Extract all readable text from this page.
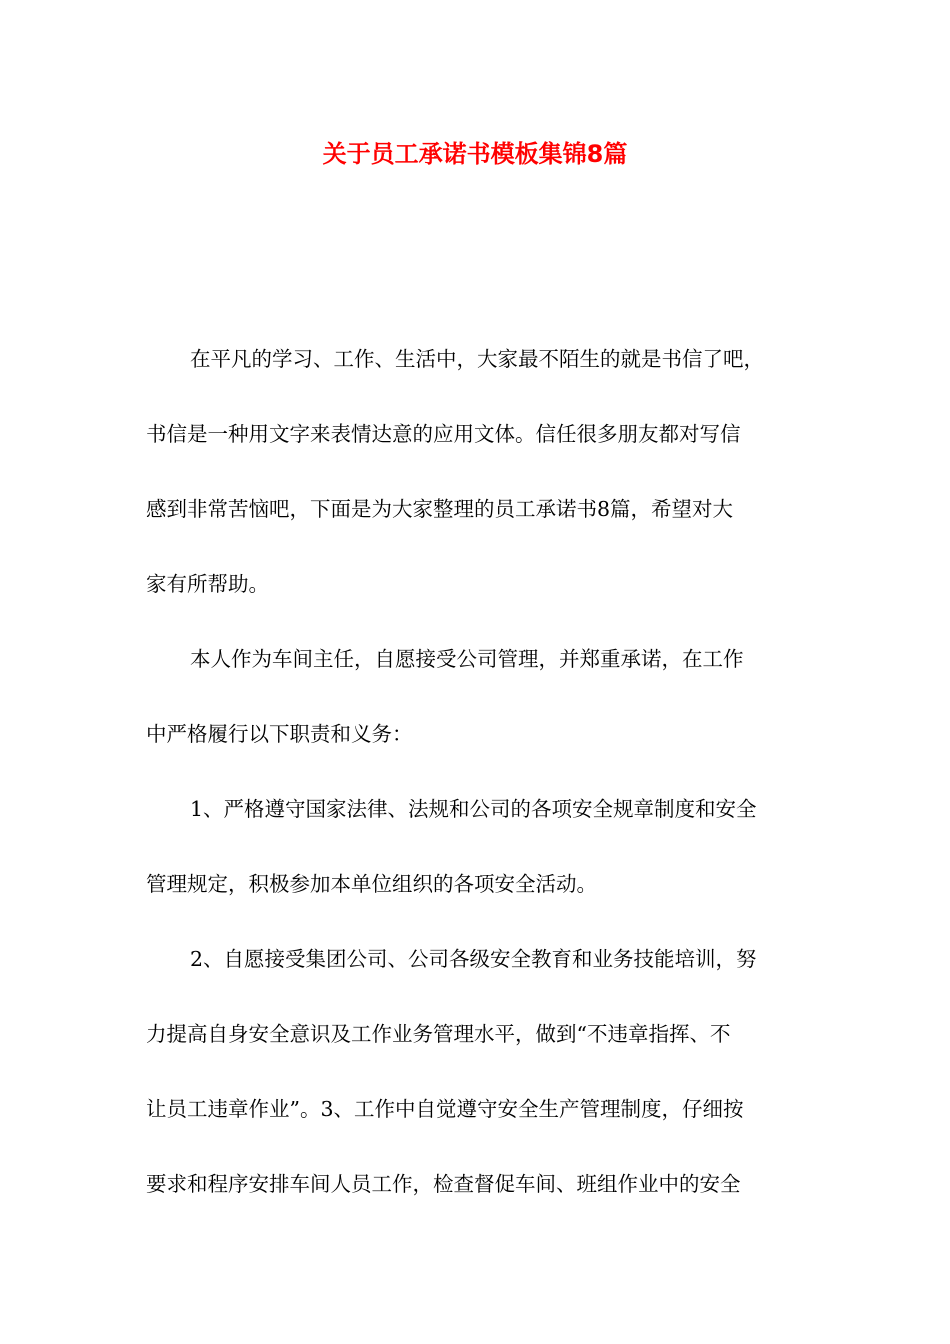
关于员工承诺书模板集锦8篇
在平凡的学习、工作、生活中，大家最不陌生的就是书信了吧，
书信是一种用文字来表情达意的应用文体。信任很多朋友都对写信
感到非常苦恼吧，下面是为大家整理的员工承诺书8篇，希望对大
家有所帮助。
本人作为车间主任，自愿接受公司管理，并郑重承诺，在工作
中严格履行以下职责和义务：
1、严格遵守国家法律、法规和公司的各项安全规章制度和安全
管理规定，积极参加本单位组织的各项安全活动。
2、自愿接受集团公司、公司各级安全教育和业务技能培训，努
力提高自身安全意识及工作业务管理水平，做到“不违章指挥、不
让员工违章作业”。3、工作中自觉遵守安全生产管理制度，仔细按
要求和程序安排车间人员工作，检查督促车间、班组作业中的安全
